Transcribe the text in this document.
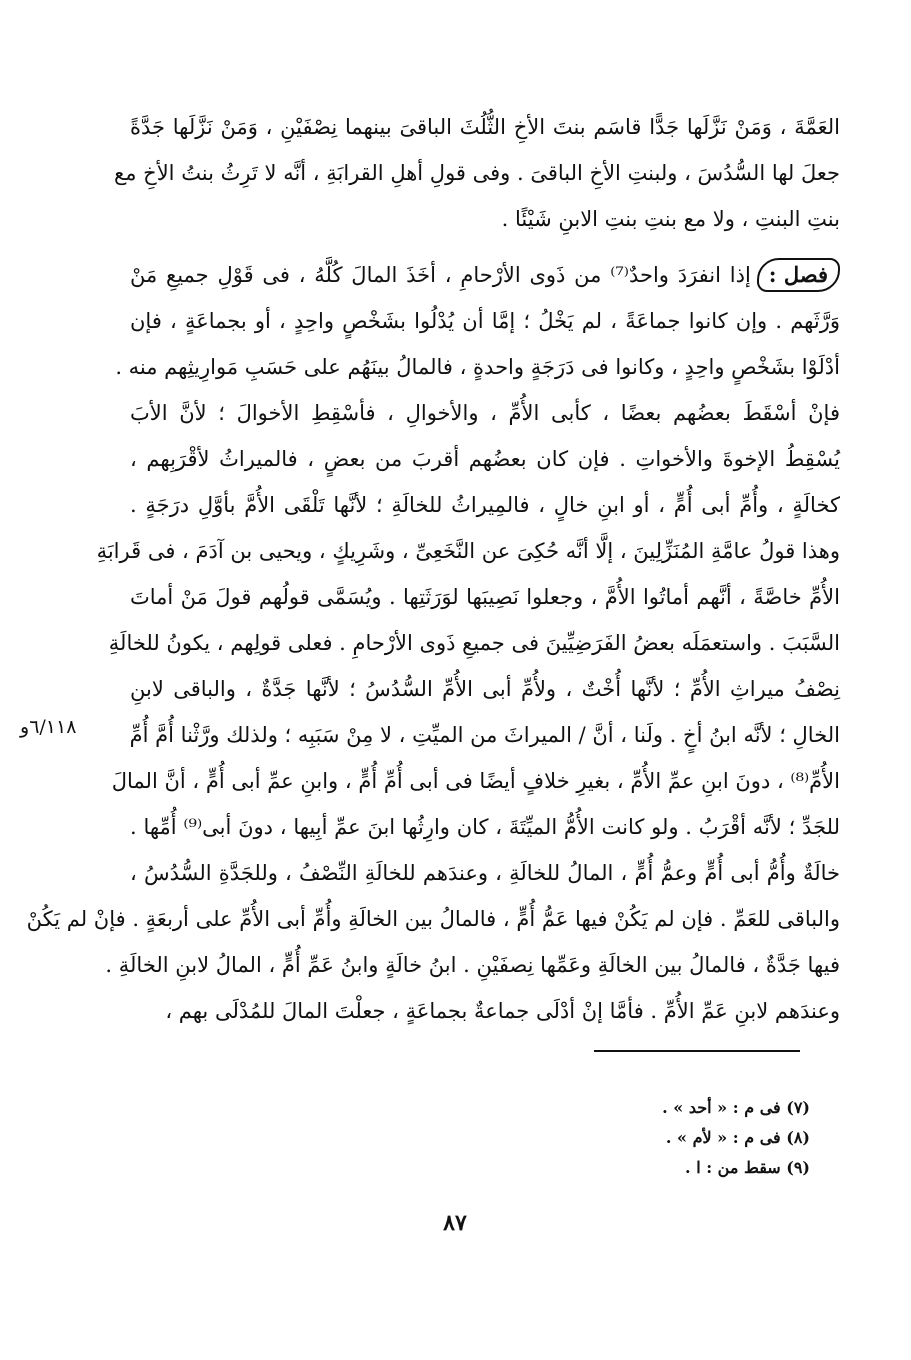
العَمَّةَ ، وَمَنْ نَزَّلَها جَدًّا قاسَم بنتَ الأخِ الثُّلُثَ الباقىَ بينهما نِصْفَيْنِ ، وَمَنْ نَزَّلَها جَدَّةً
جعلَ لها السُّدُسَ ، ولبنتِ الأخِ الباقىَ . وفى قولِ أهلِ القرابَةِ ، أنَّه لا تَرِثُ بنتُ الأخِ مع
بنتِ البنتِ ، ولا مع بنتِ بنتِ الابنِ شَيْئًا .
فصل :إذا انفرَدَ واحدٌ⁽⁷⁾ من ذَوى الأرْحامِ ، أخَذَ المالَ كُلَّهُ ، فى قَوْلِ جميعِ مَنْ
وَرَّثَهم . وإن كانوا جماعَةً ، لم يَخْلُ ؛ إمَّا أن يُدْلُوا بشَخْصٍ واحِدٍ ، أو بجماعَةٍ ، فإن
أدْلَوْا بشَخْصٍ واحِدٍ ، وكانوا فى دَرَجَةٍ واحدةٍ ، فالمالُ بينَهُم على حَسَبِ مَوارِيثِهم منه .
فإنْ أسْقَطَ بعضُهم بعضًا ، كأبى الأُمِّ ، والأخوالِ ، فأسْقِطِ الأخوالَ ؛ لأنَّ الأبَ
يُسْقِطُ الإخوةَ والأخواتِ . فإن كان بعضُهم أقربَ من بعضٍ ، فالميراثُ لأقْرَبِهم ،
كخالَةٍ ، وأُمِّ أبى أُمٍّ ، أو ابنِ خالٍ ، فالمِيراثُ للخالَةِ ؛ لأنَّها تَلْقَى الأُمَّ بأوَّلِ درَجَةٍ .
وهذا قولُ عامَّةِ المُنَزِّلِينَ ، إلَّا أنَّه حُكِىَ عن النَّخَعِىِّ ، وشَرِيكٍ ، ويحيى بن آدَمَ ، فى قَرابَةِ
الأُمِّ خاصَّةً ، أنَّهم أماتُوا الأُمَّ ، وجعلوا نَصِيبَها لوَرَثَتِها . ويُسَمَّى قولُهم قولَ مَنْ أماتَ
السَّبَبَ . واستعمَلَه بعضُ الفَرَضِيِّينَ فى جميعِ ذَوى الأرْحامِ . فعلى قولِهم ، يكونُ للخالَةِ
نِصْفُ ميراثِ الأُمِّ ؛ لأنَّها أُخْتٌ ، ولأُمِّ أبى الأُمِّ السُّدُسُ ؛ لأنَّها جَدَّةٌ ، والباقى لابنِ
الخالِ ؛ لأنَّه ابنُ أخٍ . ولَنا ، أنَّ / الميراثَ من الميِّتِ ، لا مِنْ سَبَبِه ؛ ولذلك ورَّثْنا أُمَّ أُمِّ
الأُمِّ⁽⁸⁾ ، دونَ ابنِ عمِّ الأُمِّ ، بغيرِ خلافٍ أيضًا فى أبى أُمِّ أُمٍّ ، وابنِ عمِّ أبى أُمٍّ ، أنَّ المالَ
للجَدِّ ؛ لأنَّه أقْرَبُ . ولو كانت الأُمُّ الميِّتَةَ ، كان وارِثُها ابنَ عمِّ أبِيها ، دونَ أبى⁽⁹⁾ أُمِّها .
خالَةٌ وأُمُّ أبى أُمٍّ وعمُّ أُمٍّ ، المالُ للخالَةِ ، وعندَهم للخالَةِ النِّصْفُ ، وللجَدَّةِ السُّدُسُ ،
والباقى للعَمِّ . فإن لم يَكُنْ فيها عَمُّ أُمٍّ ، فالمالُ بين الخالَةِ وأُمِّ أبى الأُمِّ على أربعَةٍ . فإنْ لم يَكُنْ
فيها جَدَّةٌ ، فالمالُ بين الخالَةِ وعَمِّها نِصفَيْنِ . ابنُ خالَةٍ وابنُ عَمِّ أُمٍّ ، المالُ لابنِ الخالَةِ .
وعندَهم لابنِ عَمِّ الأُمِّ . فأمَّا إنْ أدْلَى جماعةٌ بجماعَةٍ ، جعلْتَ المالَ للمُدْلَى بهم ،
٦/١١٨و
(٧) فى م : « أحد » .
(٨) فى م : « لأم » .
(٩) سقط من : ا .
٨٧
